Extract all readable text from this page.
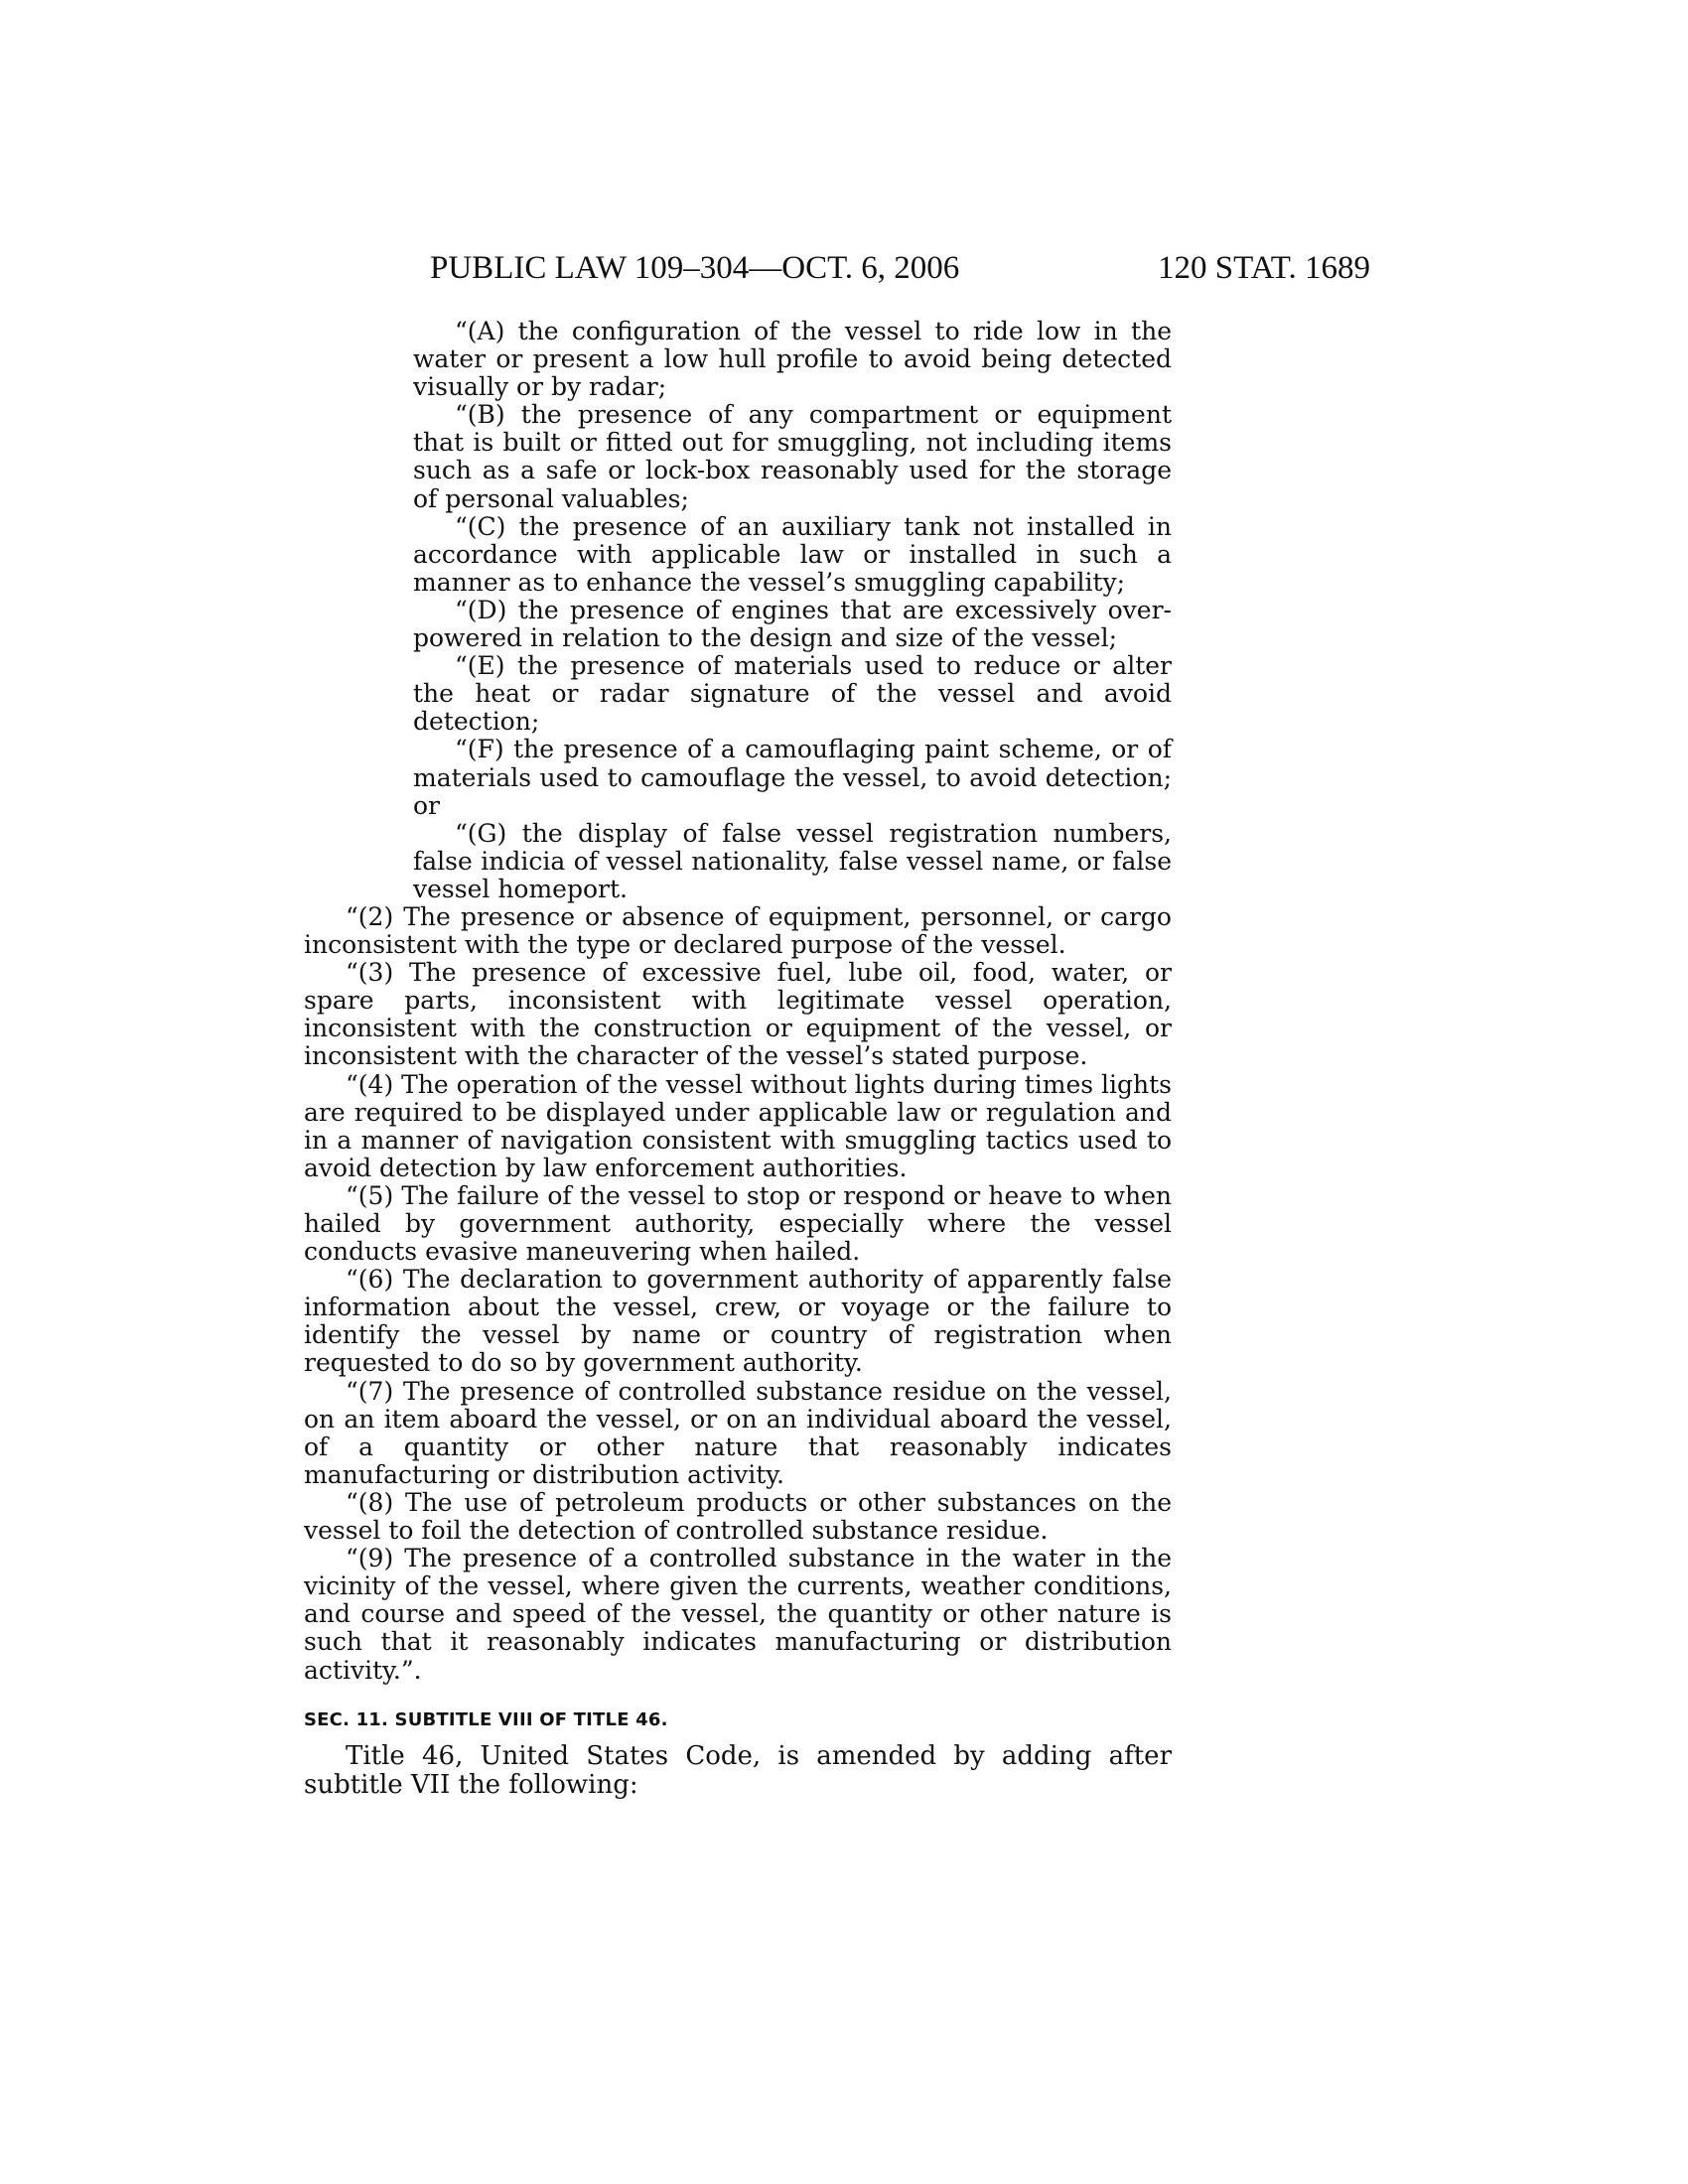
PUBLIC LAW 109–304—OCT. 6, 2006	120 STAT. 1689

“(A) the configuration of the vessel to ride low in the water or present a low hull profile to avoid being detected visually or by radar;

“(B) the presence of any compartment or equipment that is built or fitted out for smuggling, not including items such as a safe or lock-box reasonably used for the storage of personal valuables;

“(C) the presence of an auxiliary tank not installed in accordance with applicable law or installed in such a manner as to enhance the vessel’s smuggling capability;

“(D) the presence of engines that are excessively over-powered in relation to the design and size of the vessel;

“(E) the presence of materials used to reduce or alter the heat or radar signature of the vessel and avoid detection;

“(F) the presence of a camouflaging paint scheme, or of materials used to camouflage the vessel, to avoid detection; or

“(G) the display of false vessel registration numbers, false indicia of vessel nationality, false vessel name, or false vessel homeport.

“(2) The presence or absence of equipment, personnel, or cargo inconsistent with the type or declared purpose of the vessel.

“(3) The presence of excessive fuel, lube oil, food, water, or spare parts, inconsistent with legitimate vessel operation, inconsistent with the construction or equipment of the vessel, or inconsistent with the character of the vessel’s stated purpose.

“(4) The operation of the vessel without lights during times lights are required to be displayed under applicable law or regulation and in a manner of navigation consistent with smuggling tactics used to avoid detection by law enforcement authorities.

“(5) The failure of the vessel to stop or respond or heave to when hailed by government authority, especially where the vessel conducts evasive maneuvering when hailed.

“(6) The declaration to government authority of apparently false information about the vessel, crew, or voyage or the failure to identify the vessel by name or country of registration when requested to do so by government authority.

“(7) The presence of controlled substance residue on the vessel, on an item aboard the vessel, or on an individual aboard the vessel, of a quantity or other nature that reasonably indicates manufacturing or distribution activity.

“(8) The use of petroleum products or other substances on the vessel to foil the detection of controlled substance residue.

“(9) The presence of a controlled substance in the water in the vicinity of the vessel, where given the currents, weather conditions, and course and speed of the vessel, the quantity or other nature is such that it reasonably indicates manufacturing or distribution activity.”.

SEC. 11. SUBTITLE VIII OF TITLE 46.

Title 46, United States Code, is amended by adding after subtitle VII the following:
